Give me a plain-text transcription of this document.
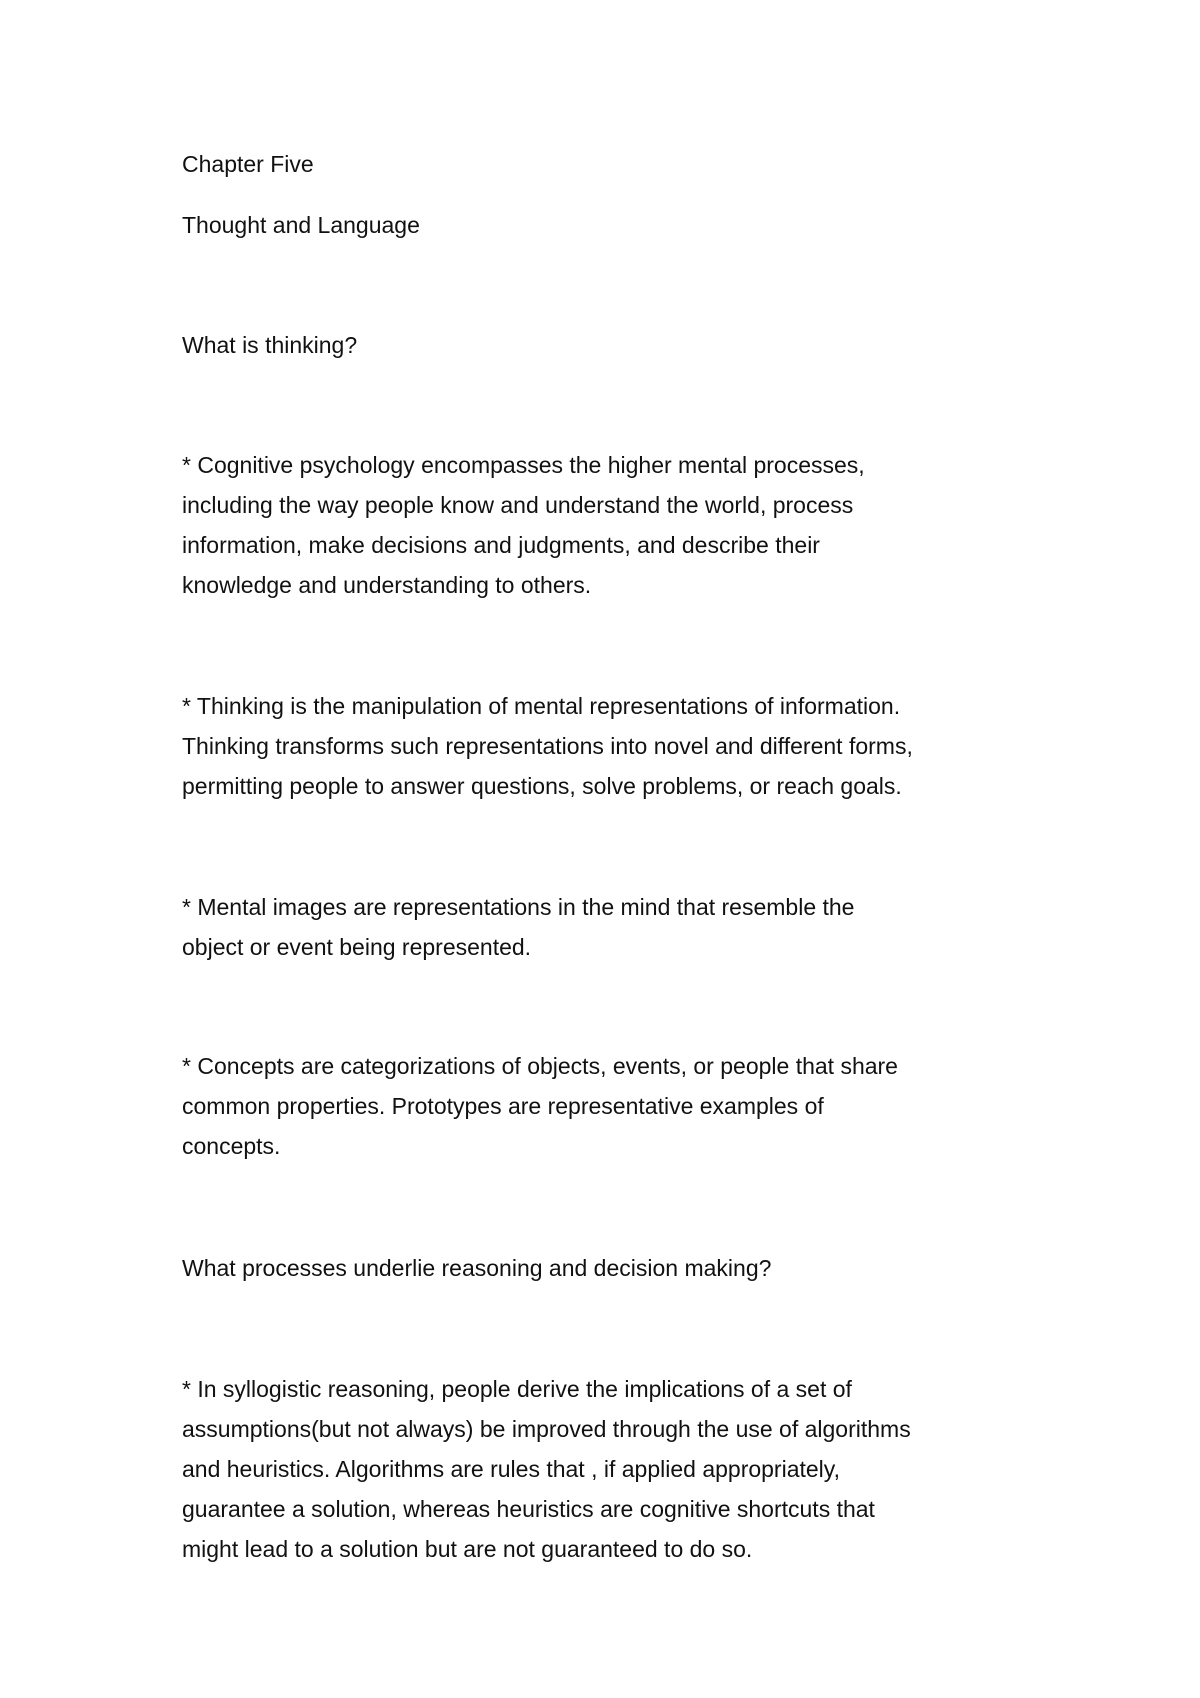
Chapter Five
Thought and Language
What is thinking?
* Cognitive psychology encompasses the higher mental processes,
including the way people know and understand the world, process
information, make decisions and judgments, and describe their
knowledge and understanding to others.
* Thinking is the manipulation of mental representations of information.
Thinking transforms such representations into novel and different forms,
permitting people to answer questions, solve problems, or reach goals.
* Mental images are representations in the mind that resemble the
object or event being represented.
* Concepts are categorizations of objects, events, or people that share
common properties. Prototypes are representative examples of
concepts.
What processes underlie reasoning and decision making?
* In syllogistic reasoning, people derive the implications of a set of
assumptions(but not always) be improved through the use of algorithms
and heuristics. Algorithms are rules that , if applied appropriately,
guarantee a solution, whereas heuristics are cognitive shortcuts that
might lead to a solution but are not guaranteed to do so.
